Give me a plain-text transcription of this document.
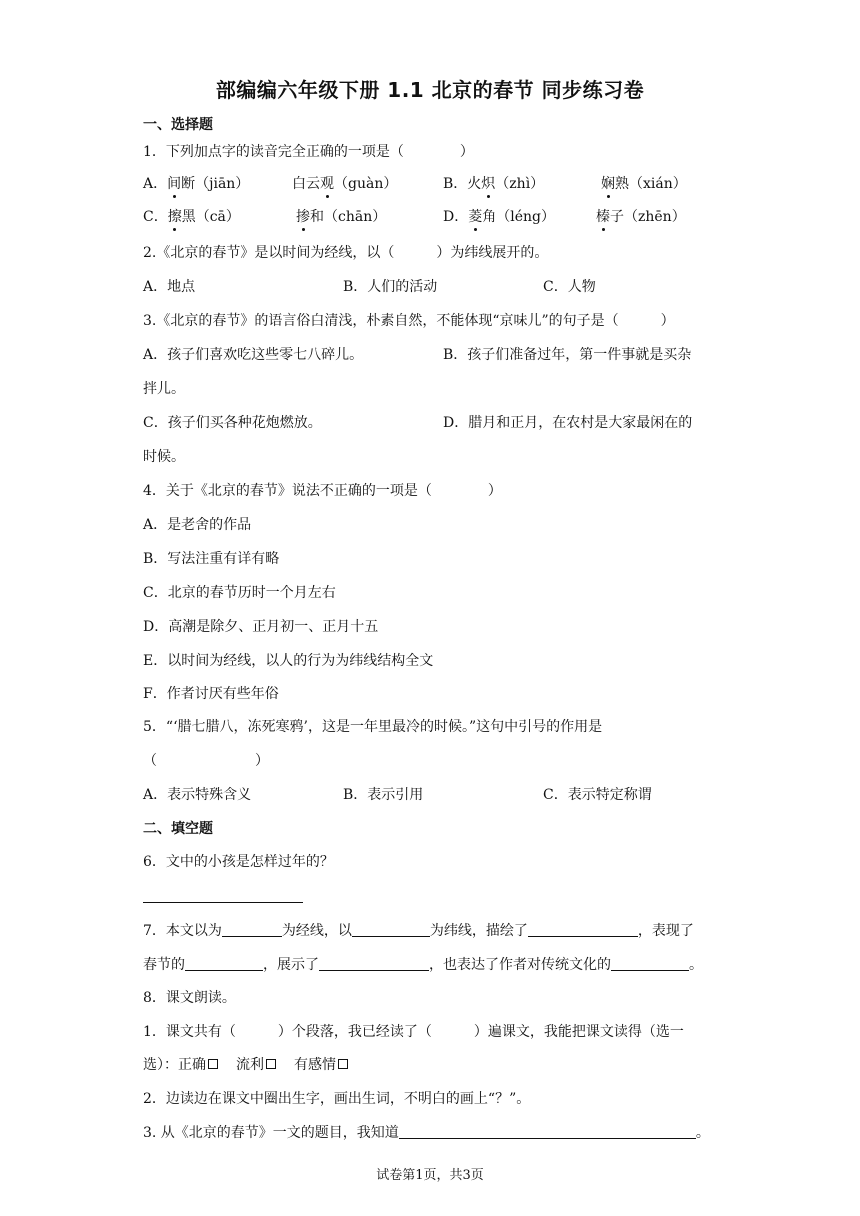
部编编六年级下册 1.1 北京的春节 同步练习卷
一、选择题
1．下列加点字的读音完全正确的一项是（　　　　）
A．间断（jiān）	白云观（guàn）	B．火炽（zhì）	娴熟（xián）
C．擦黑（cā）	掺和（chān）	D．菱角（léng）	榛子（zhēn）
2.《北京的春节》是以时间为经线，以（　　　）为纬线展开的。
A．地点	B．人们的活动	C．人物
3.《北京的春节》的语言俗白清浅，朴素自然，不能体现“京味儿”的句子是（　　　）
A．孩子们喜欢吃这些零七八碎儿。	B．孩子们准备过年，第一件事就是买杂
拌儿。
C．孩子们买各种花炮燃放。	D．腊月和正月，在农村是大家最闲在的
时候。
4．关于《北京的春节》说法不正确的一项是（　　　　）
A．是老舍的作品
B．写法注重有详有略
C．北京的春节历时一个月左右
D．高潮是除夕、正月初一、正月十五
E．以时间为经线，以人的行为为纬线结构全文
F．作者讨厌有些年俗
5．“‘腊七腊八，冻死寒鸦’，这是一年里最冷的时候。”这句中引号的作用是
（　　　　　　　）
A．表示特殊含义	B．表示引用	C．表示特定称谓
二、填空题
6．文中的小孩是怎样过年的？
7．本文以为	为经线，以	为纬线，描绘了	，表现了
春节的	，展示了	，也表达了作者对传统文化的	。
8．课文朗读。
1．课文共有（　　　）个段落，我已经读了（　　　）遍课文，我能把课文读得（选一
选）：正确 流利 有感情
2．边读边在课文中圈出生字，画出生词，不明白的画上“？”。
3. 从《北京的春节》一文的题目，我知道	。
试卷第1页，共3页
